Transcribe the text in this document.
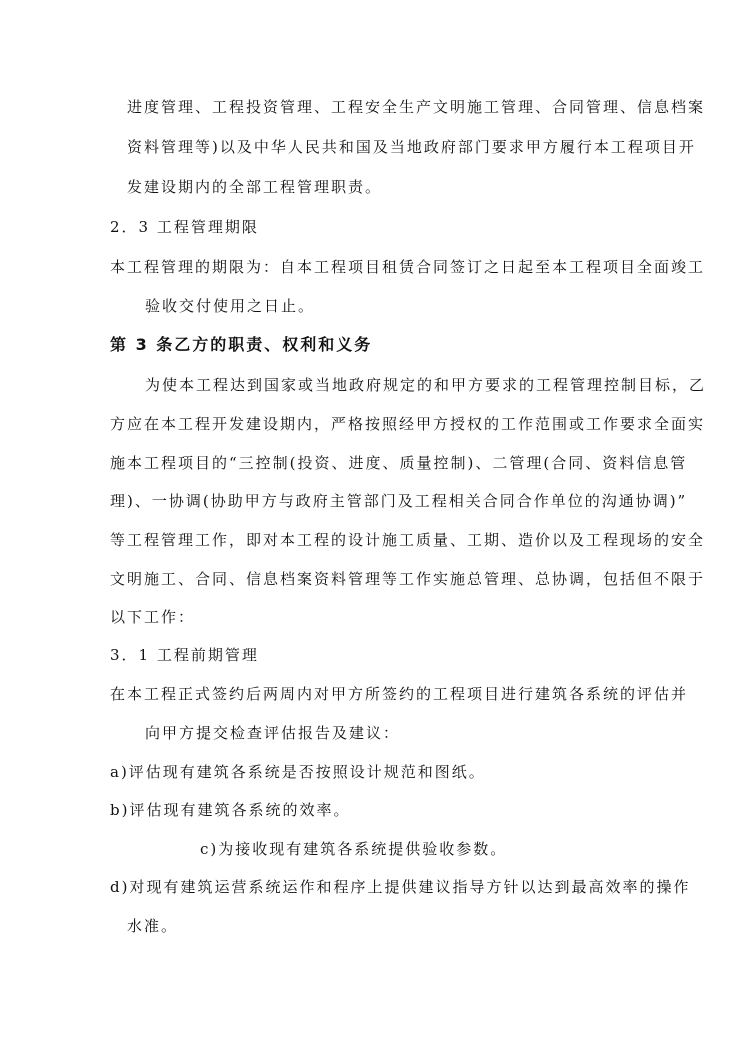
进度管理、工程投资管理、工程安全生产文明施工管理、合同管理、信息档案
资料管理等)以及中华人民共和国及当地政府部门要求甲方履行本工程项目开
发建设期内的全部工程管理职责。
2．3 工程管理期限
本工程管理的期限为：自本工程项目租赁合同签订之日起至本工程项目全面竣工
验收交付使用之日止。
第 3 条乙方的职责、权利和义务
为使本工程达到国家或当地政府规定的和甲方要求的工程管理控制目标，乙
方应在本工程开发建设期内，严格按照经甲方授权的工作范围或工作要求全面实
施本工程项目的“三控制(投资、进度、质量控制)、二管理(合同、资料信息管
理)、一协调(协助甲方与政府主管部门及工程相关合同合作单位的沟通协调)”
等工程管理工作，即对本工程的设计施工质量、工期、造价以及工程现场的安全
文明施工、合同、信息档案资料管理等工作实施总管理、总协调，包括但不限于
以下工作：
3．1 工程前期管理
在本工程正式签约后两周内对甲方所签约的工程项目进行建筑各系统的评估并
向甲方提交检查评估报告及建议：
a)评估现有建筑各系统是否按照设计规范和图纸。
b)评估现有建筑各系统的效率。
c)为接收现有建筑各系统提供验收参数。
d)对现有建筑运营系统运作和程序上提供建议指导方针以达到最高效率的操作
水准。
